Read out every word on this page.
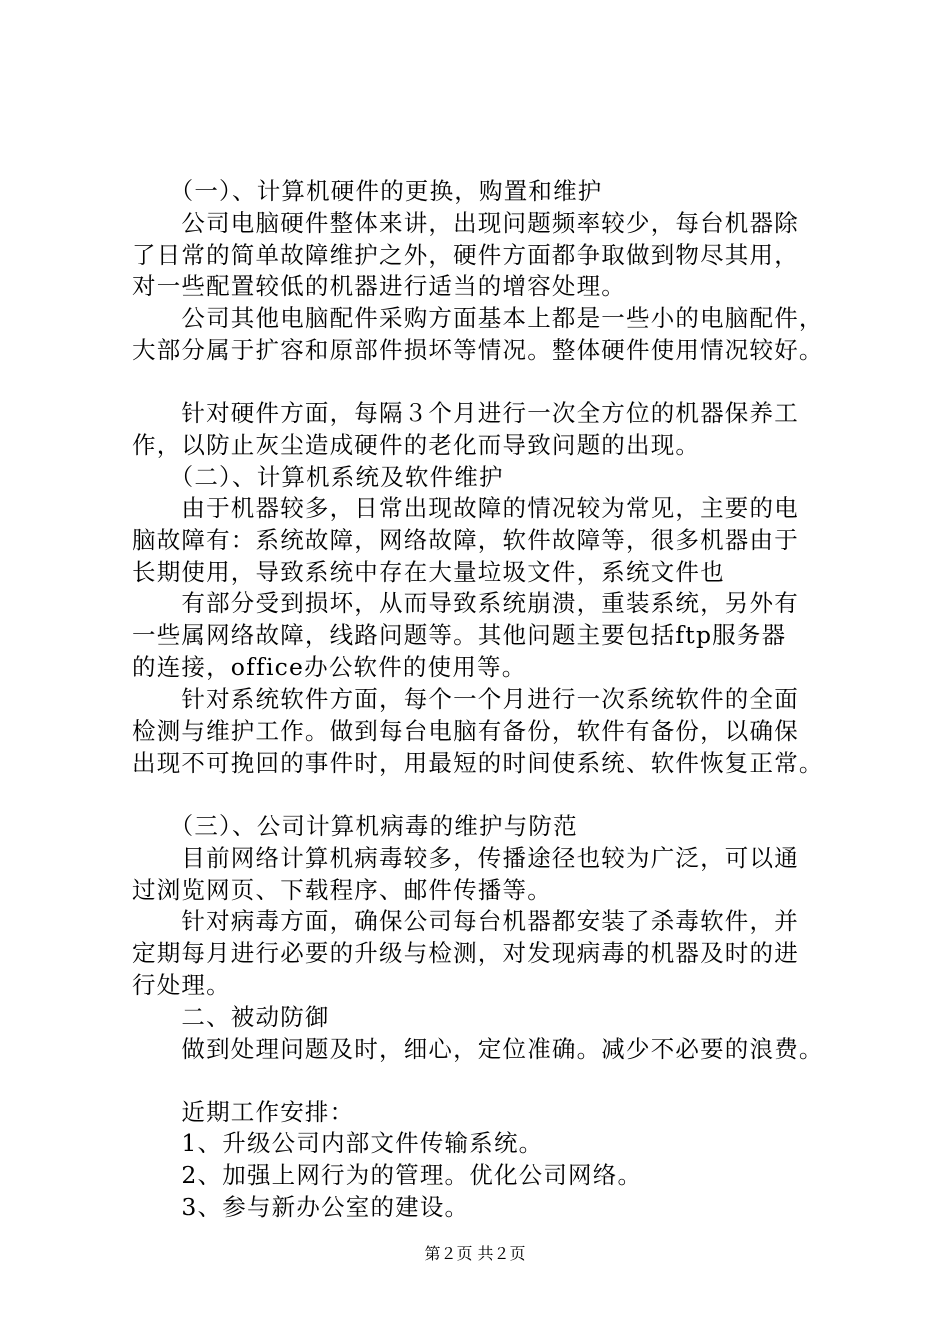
　　（一）、计算机硬件的更换，购置和维护
　　公司电脑硬件整体来讲，出现问题频率较少，每台机器除
了日常的简单故障维护之外，硬件方面都争取做到物尽其用，
对一些配置较低的机器进行适当的增容处理。
　　公司其他电脑配件采购方面基本上都是一些小的电脑配件，
大部分属于扩容和原部件损坏等情况。整体硬件使用情况较好。
　　针对硬件方面，每隔３个月进行一次全方位的机器保养工
作，以防止灰尘造成硬件的老化而导致问题的出现。
　　（二）、计算机系统及软件维护
　　由于机器较多，日常出现故障的情况较为常见，主要的电
脑故障有：系统故障，网络故障，软件故障等，很多机器由于
长期使用，导致系统中存在大量垃圾文件，系统文件也
　　有部分受到损坏，从而导致系统崩溃，重装系统，另外有
一些属网络故障，线路问题等。其他问题主要包括ftp服务器
的连接，office办公软件的使用等。
　　针对系统软件方面，每个一个月进行一次系统软件的全面
检测与维护工作。做到每台电脑有备份，软件有备份，以确保
出现不可挽回的事件时，用最短的时间使系统、软件恢复正常。
　　（三）、公司计算机病毒的维护与防范
　　目前网络计算机病毒较多，传播途径也较为广泛，可以通
过浏览网页、下载程序、邮件传播等。
　　针对病毒方面，确保公司每台机器都安装了杀毒软件，并
定期每月进行必要的升级与检测，对发现病毒的机器及时的进
行处理。
　　二、被动防御
　　做到处理问题及时，细心，定位准确。减少不必要的浪费。
　　近期工作安排：
　　1、升级公司内部文件传输系统。
　　2、加强上网行为的管理。优化公司网络。
　　3、参与新办公室的建设。
第２页 共２页
